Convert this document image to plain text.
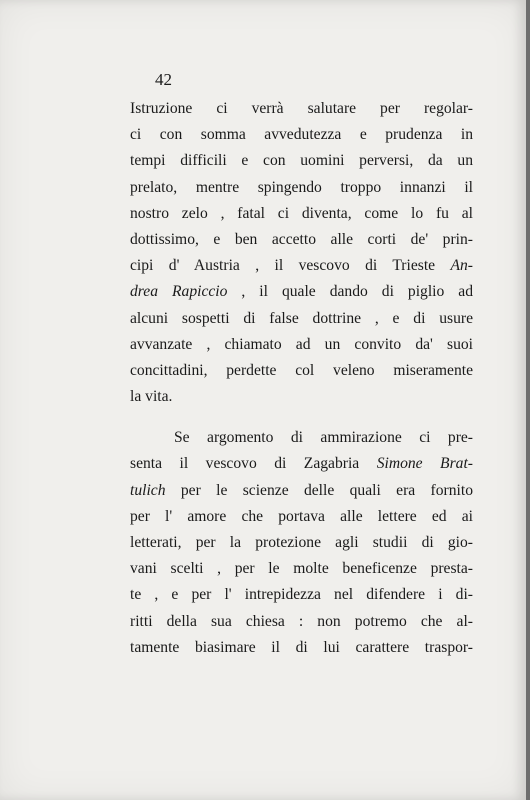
42
Istruzione ci verrà salutare per regolar-
ci con somma avvedutezza e prudenza in
tempi difficili e con uomini perversi, da un
prelato, mentre spingendo troppo innanzi il
nostro zelo , fatal ci diventa, come lo fu al
dottissimo, e ben accetto alle corti de' prin-
cipi d' Austria , il vescovo di Trieste An-
drea Rapiccio , il quale dando di piglio ad
alcuni sospetti di false dottrine , e di usure
avvanzate , chiamato ad un convito da' suoi
concittadini, perdette col veleno miseramente
la vita.
Se argomento di ammirazione ci pre-
senta il vescovo di Zagabria Simone Brat-
tulich per le scienze delle quali era fornito
per l' amore che portava alle lettere ed ai
letterati, per la protezione agli studii di gio-
vani scelti , per le molte beneficenze presta-
te , e per l' intrepidezza nel difendere i di-
ritti della sua chiesa : non potremo che al-
tamente biasimare il di lui carattere traspor-
